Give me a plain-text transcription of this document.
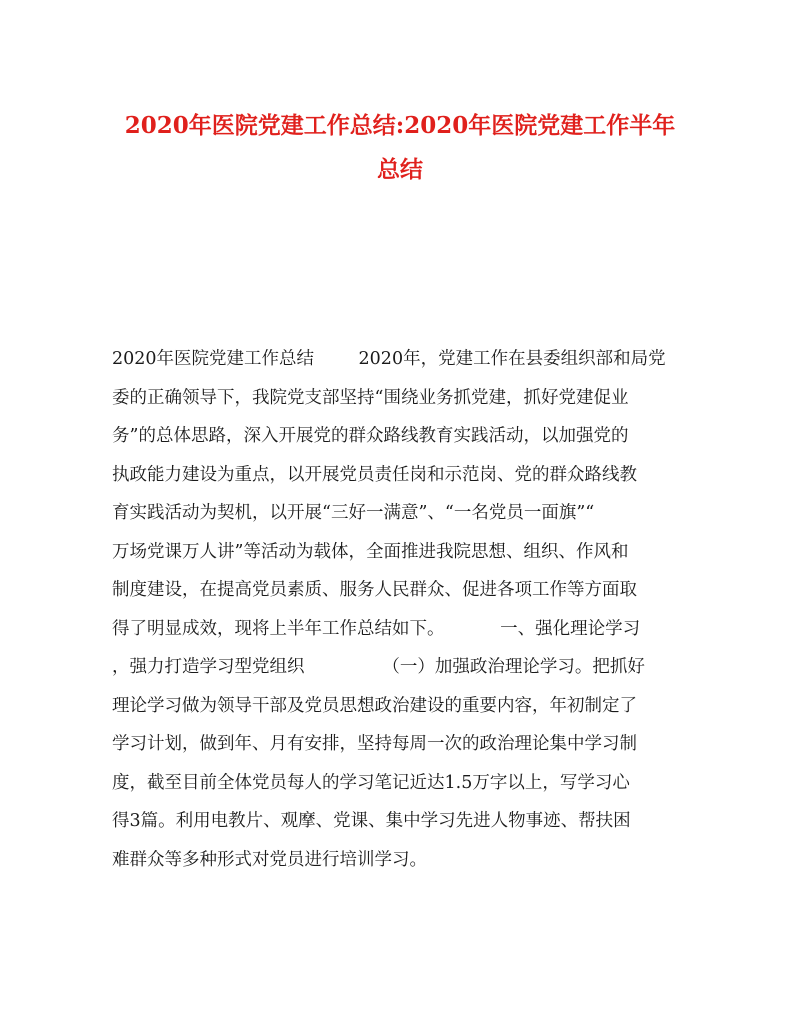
2020年医院党建工作总结:2020年医院党建工作半年
总结
2020年医院党建工作总结        2020年，党建工作在县委组织部和局党
委的正确领导下，我院党支部坚持“围绕业务抓党建，抓好党建促业
务”的总体思路，深入开展党的群众路线教育实践活动，以加强党的
执政能力建设为重点，以开展党员责任岗和示范岗、党的群众路线教
育实践活动为契机，以开展“三好一满意”、“一名党员一面旗”“
万场党课万人讲”等活动为载体，全面推进我院思想、组织、作风和
制度建设，在提高党员素质、服务人民群众、促进各项工作等方面取
得了明显成效，现将上半年工作总结如下。          一、强化理论学习
，强力打造学习型党组织              （一）加强政治理论学习。把抓好
理论学习做为领导干部及党员思想政治建设的重要内容，年初制定了
学习计划，做到年、月有安排，坚持每周一次的政治理论集中学习制
度，截至目前全体党员每人的学习笔记近达1.5万字以上，写学习心
得3篇。利用电教片、观摩、党课、集中学习先进人物事迹、帮扶困
难群众等多种形式对党员进行培训学习。
